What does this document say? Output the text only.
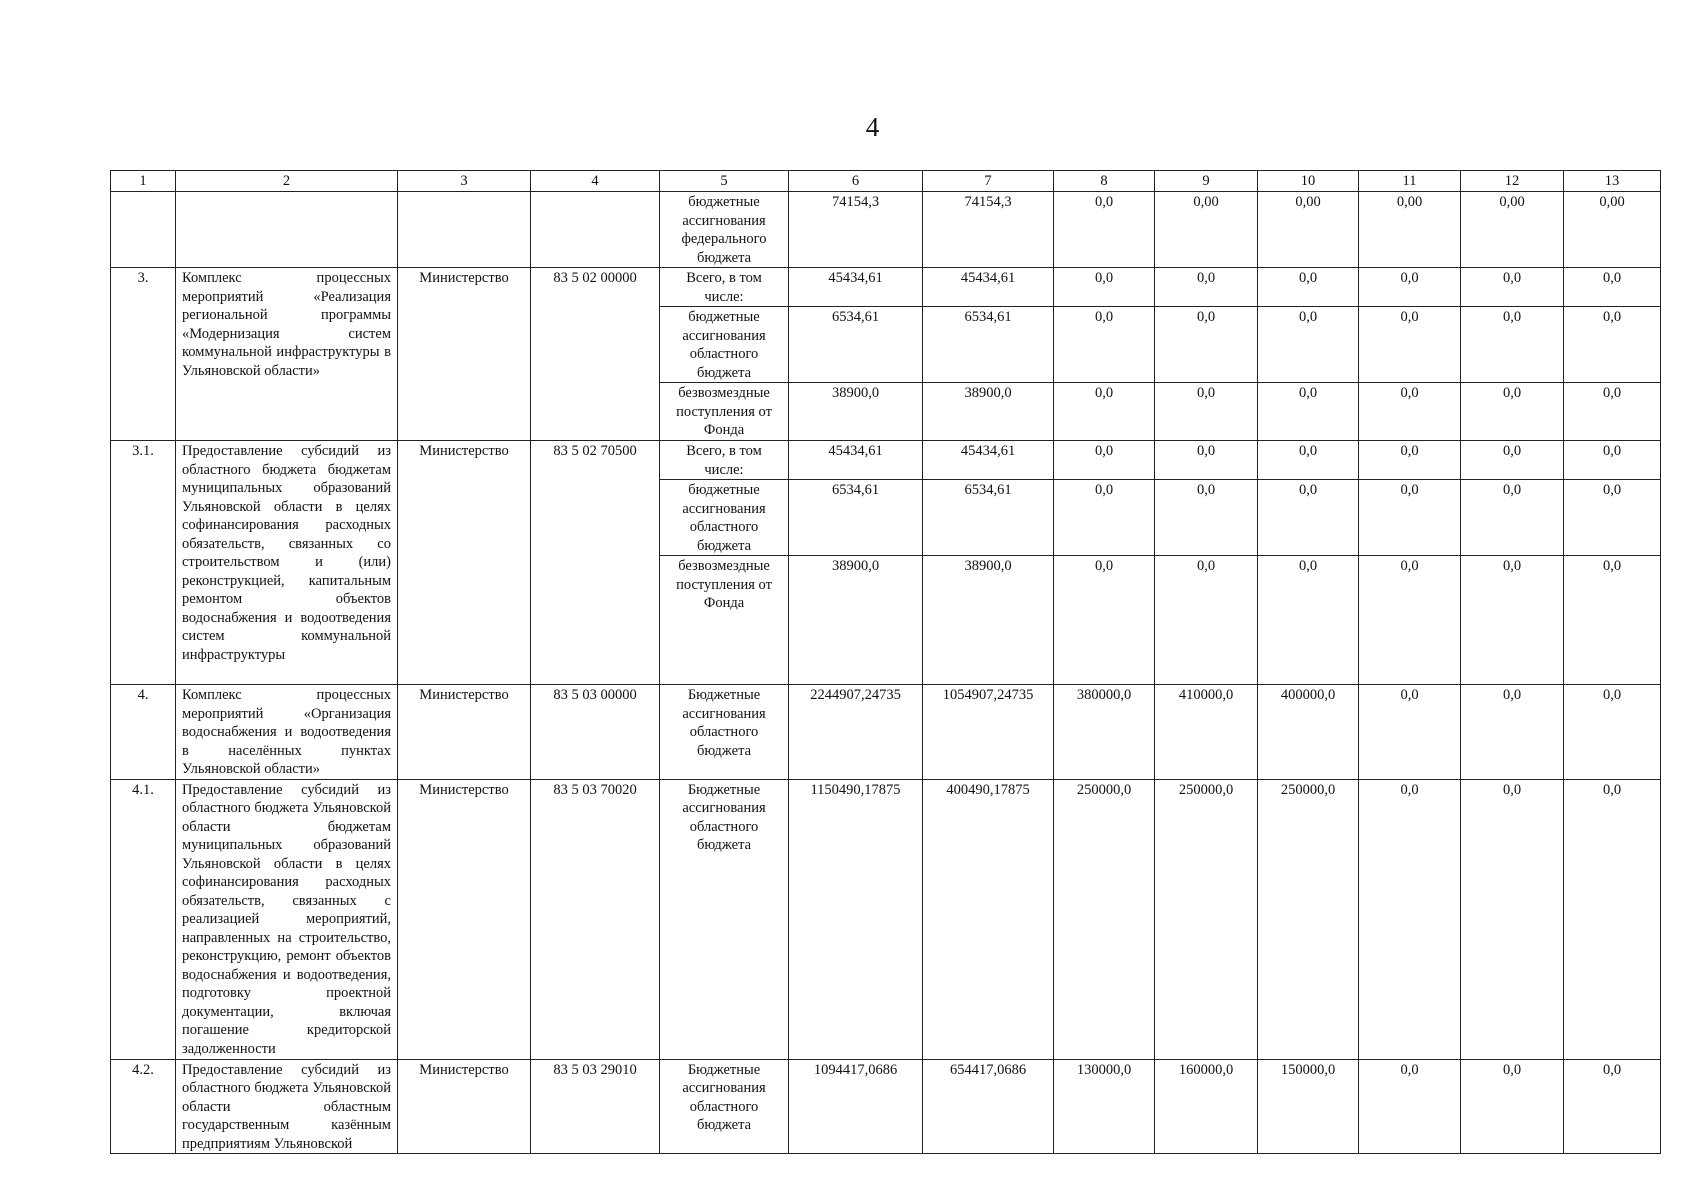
4
1	2	3	4	5	6	7	8	9	10	11	12	13
				бюджетные ассигнования федерального бюджета	74154,3	74154,3	0,0	0,00	0,00	0,00	0,00	0,00
3.	Комплекс процессных мероприятий «Реализация региональной программы «Модернизация систем коммунальной инфраструктуры в Ульяновской области»	Министерство	83 5 02 00000	Всего, в том числе:	45434,61	45434,61	0,0	0,0	0,0	0,0	0,0	0,0
				бюджетные ассигнования областного бюджета	6534,61	6534,61	0,0	0,0	0,0	0,0	0,0	0,0
				безвозмездные поступления от Фонда	38900,0	38900,0	0,0	0,0	0,0	0,0	0,0	0,0
3.1.	Предоставление субсидий из областного бюджета бюджетам муниципальных образований Ульяновской области в целях софинансирования расходных обязательств, связанных со строительством и (или) реконструкцией, капитальным ремонтом объектов водоснабжения и водоотведения систем коммунальной инфраструктуры	Министерство	83 5 02 70500	Всего, в том числе:	45434,61	45434,61	0,0	0,0	0,0	0,0	0,0	0,0
				бюджетные ассигнования областного бюджета	6534,61	6534,61	0,0	0,0	0,0	0,0	0,0	0,0
				безвозмездные поступления от Фонда	38900,0	38900,0	0,0	0,0	0,0	0,0	0,0	0,0
4.	Комплекс процессных мероприятий «Организация водоснабжения и водоотведения в населённых пунктах Ульяновской области»	Министерство	83 5 03 00000	Бюджетные ассигнования областного бюджета	2244907,24735	1054907,24735	380000,0	410000,0	400000,0	0,0	0,0	0,0
4.1.	Предоставление субсидий из областного бюджета Ульяновской области бюджетам муниципальных образований Ульяновской области в целях софинансирования расходных обязательств, связанных с реализацией мероприятий, направленных на строительство, реконструкцию, ремонт объектов водоснабжения и водоотведения, подготовку проектной документации, включая погашение кредиторской задолженности	Министерство	83 5 03 70020	Бюджетные ассигнования областного бюджета	1150490,17875	400490,17875	250000,0	250000,0	250000,0	0,0	0,0	0,0
4.2.	Предоставление субсидий из областного бюджета Ульяновской области областным государственным казённым предприятиям Ульяновской	Министерство	83 5 03 29010	Бюджетные ассигнования областного бюджета	1094417,0686	654417,0686	130000,0	160000,0	150000,0	0,0	0,0	0,0
